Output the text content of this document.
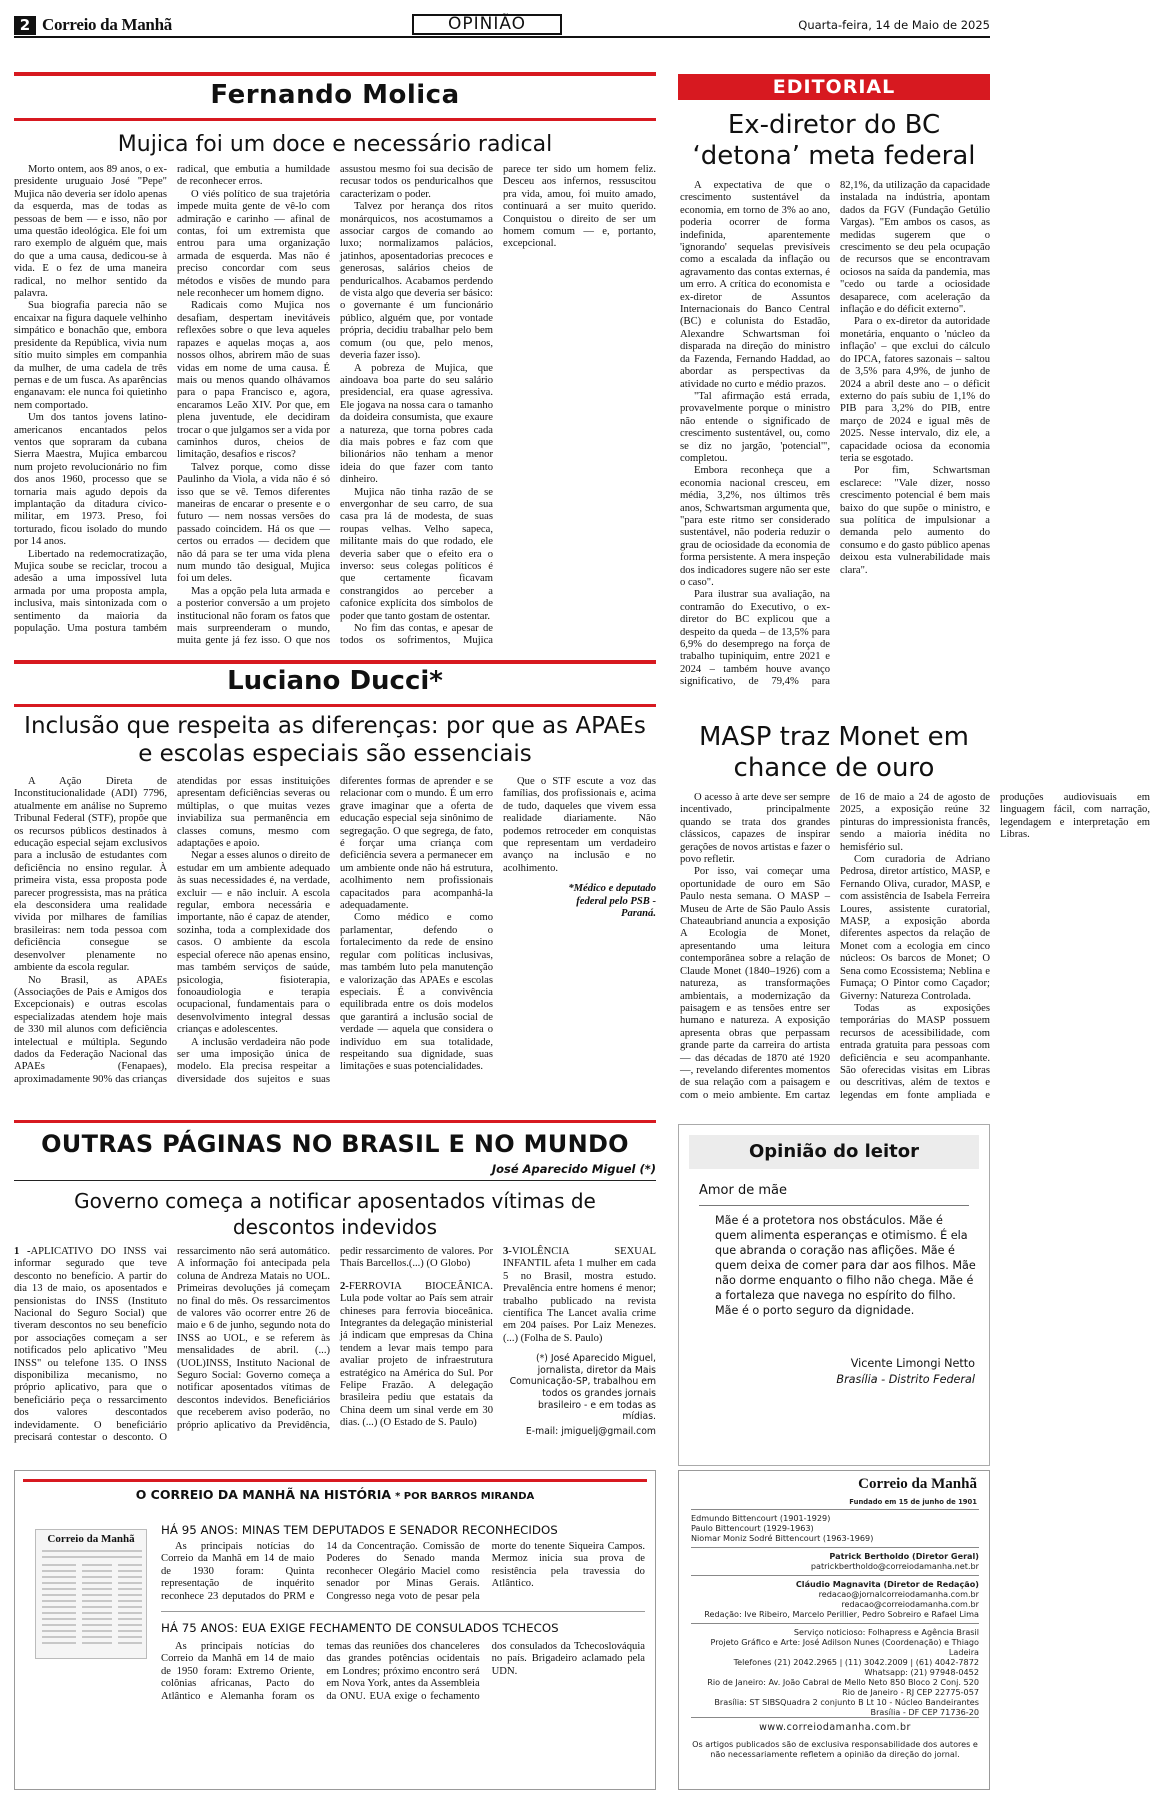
2 Correio da Manhã	OPINIÃO	Quarta-feira, 14 de Maio de 2025
Fernando Molica
Mujica foi um doce e necessário radical

Morto ontem, aos 89 anos, o ex-presidente uruguaio José "Pepe" Mujica não deveria ser ídolo apenas da esquerda, mas de todas as pessoas de bem — e isso, não por uma questão ideológica. Ele foi um raro exemplo de alguém que, mais do que a uma causa, dedicou-se à vida. E o fez de uma maneira radical, no melhor sentido da palavra.

Sua biografia parecia não se encaixar na figura daquele velhinho simpático e bonachão que, embora presidente da República, vivia num sítio muito simples em companhia da mulher, de uma cadela de três pernas e de um fusca. As aparências enganavam: ele nunca foi quietinho nem comportado.

Um dos tantos jovens latino-americanos encantados pelos ventos que sopraram da cubana Sierra Maestra, Mujica embarcou num projeto revolucionário no fim dos anos 1960, processo que se tornaria mais agudo depois da implantação da ditadura cívico-militar, em 1973. Preso, foi torturado, ficou isolado do mundo por 14 anos.

Libertado na redemocratização, Mujica soube se reciclar, trocou a adesão a uma impossível luta armada por uma proposta ampla, inclusiva, mais sintonizada com o sentimento da maioria da população. Uma postura também radical, que embutia a humildade de reconhecer erros.

O viés político de sua trajetória impede muita gente de vê-lo com admiração e carinho — afinal de contas, foi um extremista que entrou para uma organização armada de esquerda. Mas não é preciso concordar com seus métodos e visões de mundo para nele reconhecer um homem digno.

Radicais como Mujica nos desafiam, despertam inevitáveis reflexões sobre o que leva aqueles rapazes e aquelas moças a, aos nossos olhos, abrirem mão de suas vidas em nome de uma causa. É mais ou menos quando olhávamos para o papa Francisco e, agora, encaramos Leão XIV. Por que, em plena juventude, ele decidiram trocar o que julgamos ser a vida por caminhos duros, cheios de limitação, desafios e riscos?

Talvez porque, como disse Paulinho da Viola, a vida não é só isso que se vê. Temos diferentes maneiras de encarar o presente e o futuro — nem nossas versões do passado coincidem. Há os que — certos ou errados — decidem que não dá para se ter uma vida plena num mundo tão desigual, Mujica foi um deles.

Mas a opção pela luta armada e a posterior conversão a um projeto institucional não foram os fatos que mais surpreenderam o mundo, muita gente já fez isso. O que nos assustou mesmo foi sua decisão de recusar todos os penduricalhos que caracterizam o poder.

Talvez por herança dos ritos monárquicos, nos acostumamos a associar cargos de comando ao luxo; normalizamos palácios, jatinhos, aposentadorias precoces e generosas, salários cheios de penduricalhos. Acabamos perdendo de vista algo que deveria ser básico: o governante é um funcionário público, alguém que, por vontade própria, decidiu trabalhar pelo bem comum (ou que, pelo menos, deveria fazer isso).

A pobreza de Mujica, que aindoava boa parte do seu salário presidencial, era quase agressiva. Ele jogava na nossa cara o tamanho da doideira consumista, que exaure a natureza, que torna pobres cada dia mais pobres e faz com que bilionários não tenham a menor ideia do que fazer com tanto dinheiro.

Mujica não tinha razão de se envergonhar de seu carro, de sua casa pra lá de modesta, de suas roupas velhas. Velho sapeca, militante mais do que rodado, ele deveria saber que o efeito era o inverso: seus colegas políticos é que certamente ficavam constrangidos ao perceber a cafonice explícita dos símbolos de poder que tanto gostam de ostentar.

No fim das contas, e apesar de todos os sofrimentos, Mujica parece ter sido um homem feliz. Desceu aos infernos, ressuscitou pra vida, amou, foi muito amado, continuará a ser muito querido. Conquistou o direito de ser um homem comum — e, portanto, excepcional.

Luciano Ducci*
Inclusão que respeita as diferenças: por que as APAEs e escolas especiais são essenciais

A Ação Direta de Inconstitucionalidade (ADI) 7796, atualmente em análise no Supremo Tribunal Federal (STF), propõe que os recursos públicos destinados à educação especial sejam exclusivos para a inclusão de estudantes com deficiência no ensino regular. À primeira vista, essa proposta pode parecer progressista, mas na prática ela desconsidera uma realidade vivida por milhares de famílias brasileiras: nem toda pessoa com deficiência consegue se desenvolver plenamente no ambiente da escola regular.

No Brasil, as APAEs (Associações de Pais e Amigos dos Excepcionais) e outras escolas especializadas atendem hoje mais de 330 mil alunos com deficiência intelectual e múltipla. Segundo dados da Federação Nacional das APAEs (Fenapaes), aproximadamente 90% das crianças atendidas por essas instituições apresentam deficiências severas ou múltiplas, o que muitas vezes inviabiliza sua permanência em classes comuns, mesmo com adaptações e apoio.

Negar a esses alunos o direito de estudar em um ambiente adequado às suas necessidades é, na verdade, excluir — e não incluir. A escola regular, embora necessária e importante, não é capaz de atender, sozinha, toda a complexidade dos casos. O ambiente da escola especial oferece não apenas ensino, mas também serviços de saúde, psicologia, fisioterapia, fonoaudiologia e terapia ocupacional, fundamentais para o desenvolvimento integral dessas crianças e adolescentes.

A inclusão verdadeira não pode ser uma imposição única de modelo. Ela precisa respeitar a diversidade dos sujeitos e suas diferentes formas de aprender e se relacionar com o mundo. É um erro grave imaginar que a oferta de educação especial seja sinônimo de segregação. O que segrega, de fato, é forçar uma criança com deficiência severa a permanecer em um ambiente onde não há estrutura, acolhimento nem profissionais capacitados para acompanhá-la adequadamente.

Como médico e como parlamentar, defendo o fortalecimento da rede de ensino regular com políticas inclusivas, mas também luto pela manutenção e valorização das APAEs e escolas especiais. É a convivência equilibrada entre os dois modelos que garantirá a inclusão social de verdade — aquela que considera o indivíduo em sua totalidade, respeitando sua dignidade, suas limitações e suas potencialidades.

Que o STF escute a voz das famílias, dos profissionais e, acima de tudo, daqueles que vivem essa realidade diariamente. Não podemos retroceder em conquistas que representam um verdadeiro avanço na inclusão e no acolhimento.

*Médico e deputado federal pelo PSB - Paraná.
EDITORIAL
Ex-diretor do BC ‘detona’ meta federal

A expectativa de que o crescimento sustentável da economia, em torno de 3% ao ano, poderia ocorrer de forma indefinida, aparentemente 'ignorando' sequelas previsíveis como a escalada da inflação ou agravamento das contas externas, é um erro. A crítica do economista e ex-diretor de Assuntos Internacionais do Banco Central (BC) e colunista do Estadão, Alexandre Schwartsman foi disparada na direção do ministro da Fazenda, Fernando Haddad, ao abordar as perspectivas da atividade no curto e médio prazos.

"Tal afirmação está errada, provavelmente porque o ministro não entende o significado de crescimento sustentável, ou, como se diz no jargão, 'potencial'", completou.

Embora reconheça que a economia nacional cresceu, em média, 3,2%, nos últimos três anos, Schwartsman argumenta que, "para este ritmo ser considerado sustentável, não poderia reduzir o grau de ociosidade da economia de forma persistente. A mera inspeção dos indicadores sugere não ser este o caso".

Para ilustrar sua avaliação, na contramão do Executivo, o ex-diretor do BC explicou que a despeito da queda – de 13,5% para 6,9% do desemprego na força de trabalho tupiniquim, entre 2021 e 2024 – também houve avanço significativo, de 79,4% para 82,1%, da utilização da capacidade instalada na indústria, apontam dados da FGV (Fundação Getúlio Vargas). "Em ambos os casos, as medidas sugerem que o crescimento se deu pela ocupação de recursos que se encontravam ociosos na saída da pandemia, mas "cedo ou tarde a ociosidade desaparece, com aceleração da inflação e do déficit externo".

Para o ex-diretor da autoridade monetária, enquanto o 'núcleo da inflação' – que exclui do cálculo do IPCA, fatores sazonais – saltou de 3,5% para 4,9%, de junho de 2024 a abril deste ano – o déficit externo do país subiu de 1,1% do PIB para 3,2% do PIB, entre março de 2024 e igual mês de 2025. Nesse intervalo, diz ele, a capacidade ociosa da economia teria se esgotado.

Por fim, Schwartsman esclarece: "Vale dizer, nosso crescimento potencial é bem mais baixo do que supõe o ministro, e sua política de impulsionar a demanda pelo aumento do consumo e do gasto público apenas deixou esta vulnerabilidade mais clara".

MASP traz Monet em chance de ouro

O acesso à arte deve ser sempre incentivado, principalmente quando se trata dos grandes clássicos, capazes de inspirar gerações de novos artistas e fazer o povo refletir.

Por isso, vai começar uma oportunidade de ouro em São Paulo nesta semana. O MASP – Museu de Arte de São Paulo Assis Chateaubriand anuncia a exposição A Ecologia de Monet, apresentando uma leitura contemporânea sobre a relação de Claude Monet (1840–1926) com a natureza, as transformações ambientais, a modernização da paisagem e as tensões entre ser humano e natureza. A exposição apresenta obras que perpassam grande parte da carreira do artista — das décadas de 1870 até 1920 —, revelando diferentes momentos de sua relação com a paisagem e com o meio ambiente. Em cartaz de 16 de maio a 24 de agosto de 2025, a exposição reúne 32 pinturas do impressionista francês, sendo a maioria inédita no hemisfério sul.

Com curadoria de Adriano Pedrosa, diretor artístico, MASP, e Fernando Oliva, curador, MASP, e com assistência de Isabela Ferreira Loures, assistente curatorial, MASP, a exposição aborda diferentes aspectos da relação de Monet com a ecologia em cinco núcleos: Os barcos de Monet; O Sena como Ecossistema; Neblina e Fumaça; O Pintor como Caçador; Giverny: Natureza Controlada.

Todas as exposições temporárias do MASP possuem recursos de acessibilidade, com entrada gratuita para pessoas com deficiência e seu acompanhante. São oferecidas visitas em Libras ou descritivas, além de textos e legendas em fonte ampliada e produções audiovisuais em linguagem fácil, com narração, legendagem e interpretação em Libras.

OUTRAS PÁGINAS NO BRASIL E NO MUNDO
José Aparecido Miguel (*)
Governo começa a notificar aposentados vítimas de descontos indevidos

1 -APLICATIVO DO INSS vai informar segurado que teve desconto no benefício. A partir do dia 13 de maio, os aposentados e pensionistas do INSS (Instituto Nacional do Seguro Social) que tiveram descontos no seu benefício por associações começam a ser notificados pelo aplicativo "Meu INSS" ou telefone 135. O INSS disponibiliza mecanismo, no próprio aplicativo, para que o beneficiário peça o ressarcimento dos valores descontados indevidamente. O beneficiário precisará contestar o desconto. O ressarcimento não será automático. A informação foi antecipada pela coluna de Andreza Matais no UOL. Primeiras devoluções já começam no final do mês. Os ressarcimentos de valores vão ocorrer entre 26 de maio e 6 de junho, segundo nota do INSS ao UOL, e se referem às mensalidades de abril. (...) (UOL)INSS, Instituto Nacional de Seguro Social: Governo começa a notificar aposentados vítimas de descontos indevidos. Beneficiários que receberem aviso poderão, no próprio aplicativo da Previdência, pedir ressarcimento de valores. Por Thaís Barcellos.(...) (O Globo)

2-FERROVIA BIOCEÂNICA. Lula pode voltar ao País sem atrair chineses para ferrovia bioceânica. Integrantes da delegação ministerial já indicam que empresas da China tendem a levar mais tempo para avaliar projeto de infraestrutura estratégico na América do Sul. Por Felipe Frazão. A delegação brasileira pediu que estatais da China deem um sinal verde em 30 dias. (...) (O Estado de S. Paulo)

3-VIOLÊNCIA SEXUAL INFANTIL afeta 1 mulher em cada 5 no Brasil, mostra estudo. Prevalência entre homens é menor; trabalho publicado na revista científica The Lancet avalia crime em 204 países. Por Laiz Menezes. (...) (Folha de S. Paulo)

(*) José Aparecido Miguel, jornalista, diretor da Mais Comunicação-SP, trabalhou em todos os grandes jornais brasileiro - e em todas as mídias.
E-mail: jmiguelj@gmail.com
Opinião do leitor
Amor de mãe
Mãe é a protetora nos obstáculos. Mãe é quem alimenta esperanças e otimismo. É ela que abranda o coração nas aflições. Mãe é quem deixa de comer para dar aos filhos. Mãe não dorme enquanto o filho não chega. Mãe é a fortaleza que navega no espírito do filho. Mãe é o porto seguro da dignidade.
Vicente Limongi Netto
Brasília - Distrito Federal
O CORREIO DA MANHÃ NA HISTÓRIA * POR BARROS MIRANDA
Correio da Manhã
HÁ 95 ANOS: MINAS TEM DEPUTADOS E SENADOR RECONHECIDOS

As principais notícias do Correio da Manhã em 14 de maio de 1930 foram: Quinta representação de inquérito reconhece 23 deputados do PRM e 14 da Concentração. Comissão de Poderes do Senado manda reconhecer Olegário Maciel como senador por Minas Gerais. Congresso nega voto de pesar pela morte do tenente Siqueira Campos. Mermoz inicia sua prova de resistência pela travessia do Atlântico.

HÁ 75 ANOS: EUA EXIGE FECHAMENTO DE CONSULADOS TCHECOS

As principais notícias do Correio da Manhã em 14 de maio de 1950 foram: Extremo Oriente, colônias africanas, Pacto do Atlântico e Alemanha foram os temas das reuniões dos chanceleres das grandes potências ocidentais em Londres; próximo encontro será em Nova York, antes da Assembleia da ONU. EUA exige o fechamento dos consulados da Tchecoslováquia no país. Brigadeiro aclamado pela UDN.

Correio da Manhã
Fundado em 15 de junho de 1901
Edmundo Bittencourt (1901-1929)
Paulo Bittencourt (1929-1963)
Niomar Moniz Sodré Bittencourt (1963-1969)
Patrick Bertholdo (Diretor Geral)
patrickbertholdo@correiodamanha.net.br
Cláudio Magnavita (Diretor de Redação)
redacao@jornalcorreiodamanha.com.br
redacao@correiodamanha.com.br
Redação: Ive Ribeiro, Marcelo Perillier, Pedro Sobreiro e Rafael Lima
Serviço noticioso: Folhapress e Agência Brasil
Projeto Gráfico e Arte: José Adilson Nunes (Coordenação) e Thiago Ladeira
Telefones (21) 2042.2965 | (11) 3042.2009 | (61) 4042-7872
Whatsapp: (21) 97948-0452
Rio de Janeiro: Av. João Cabral de Mello Neto 850 Bloco 2 Conj. 520
Rio de Janeiro - RJ CEP 22775-057
Brasília: ST SIBSQuadra 2 conjunto B Lt 10 - Núcleo Bandeirantes
Brasília - DF CEP 71736-20
www.correiodamanha.com.br
Os artigos publicados são de exclusiva responsabilidade dos autores e não necessariamente refletem a opinião da direção do jornal.
